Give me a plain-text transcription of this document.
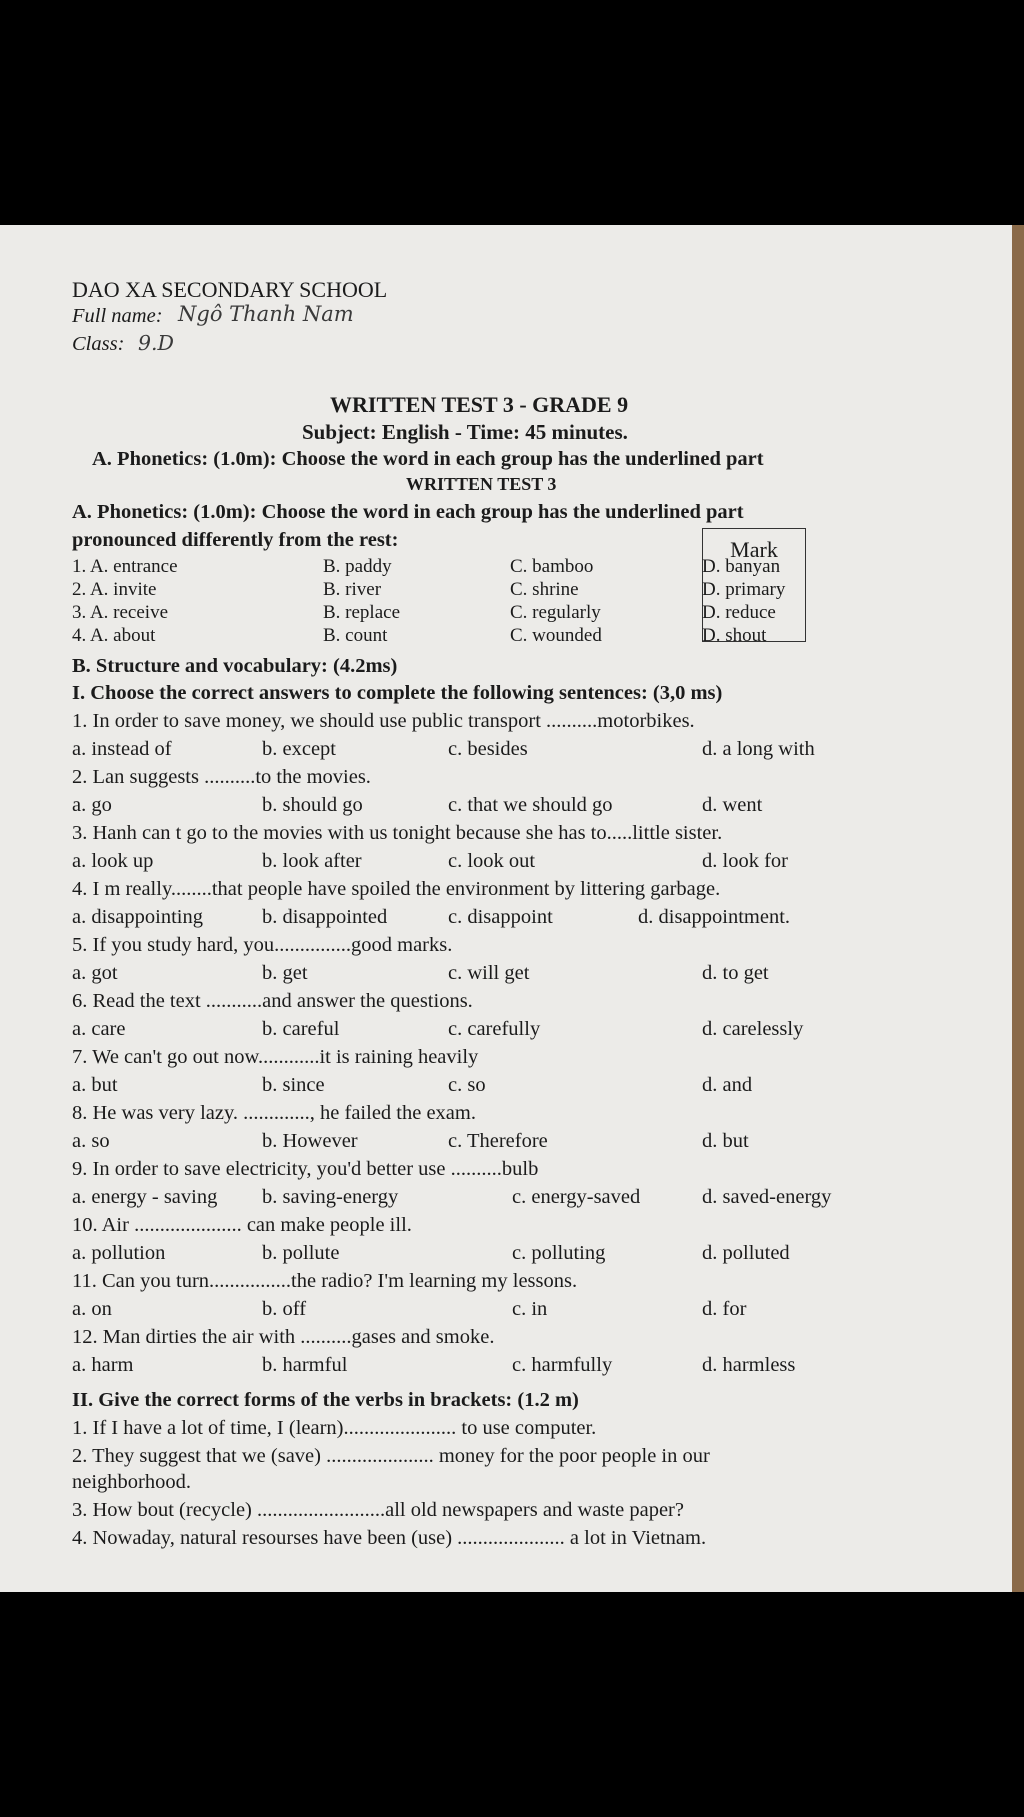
DAO XA SECONDARY SCHOOL
Full name: Ngô Thanh Nam
Class: 9.D
Mark
WRITTEN TEST 3 - GRADE 9
Subject: English - Time: 45 minutes.
A. Phonetics: (1.0m): Choose the word in each group has the underlined part
WRITTEN TEST 3
A. Phonetics: (1.0m): Choose the word in each group has the underlined part
pronounced differently from the rest:
1. A. entrance	B. paddy	C. bamboo	D. banyan
2. A. invite	B. river	C. shrine	D. primary
3. A. receive	B. replace	C. regularly	D. reduce
4. A. about	B. count	C. wounded	D. shout
B. Structure and vocabulary: (4.2ms)
I. Choose the correct answers to complete the following sentences: (3,0 ms)
1. In order to save money, we should use public transport ..........motorbikes.
a. instead of	b. except	c. besides	d. a long with
2. Lan suggests ..........to the movies.
a. go	b. should go	c. that we should go	d. went
3. Hanh can t go to the movies with us tonight because she has to.....little sister.
a. look up	b. look after	c. look out	d. look for
4. I m really........that people have spoiled the environment by littering garbage.
a. disappointing	b. disappointed	c. disappoint	d. disappointment.
5. If you study hard, you...............good marks.
a. got	b. get	c. will get	d. to get
6. Read the text ...........and answer the questions.
a. care	b. careful	c. carefully	d. carelessly
7. We can't go out now............it is raining heavily
a. but	b. since	c. so	d. and
8. He was very lazy. ............., he failed the exam.
a. so	b. However	c. Therefore	d. but
9. In order to save electricity, you'd better use ..........bulb
a. energy - saving b. saving-energy	c. energy-saved	d. saved-energy
10. Air ..................... can make people ill.
a. pollution	b. pollute	c. polluting	d. polluted
11. Can you turn................the radio? I'm learning my lessons.
a. on	b. off	c. in	d. for
12. Man dirties the air with ..........gases and smoke.
a. harm	b. harmful	c. harmfully	d. harmless
II. Give the correct forms of the verbs in brackets: (1.2 m)
1. If I have a lot of time, I (learn)...................... to use computer.
2. They suggest that we (save) ..................... money for the poor people in our
neighborhood.
3. How bout (recycle) .........................all old newspapers and waste paper?
4. Nowaday, natural resourses have been (use) ..................... a lot in Vietnam.
